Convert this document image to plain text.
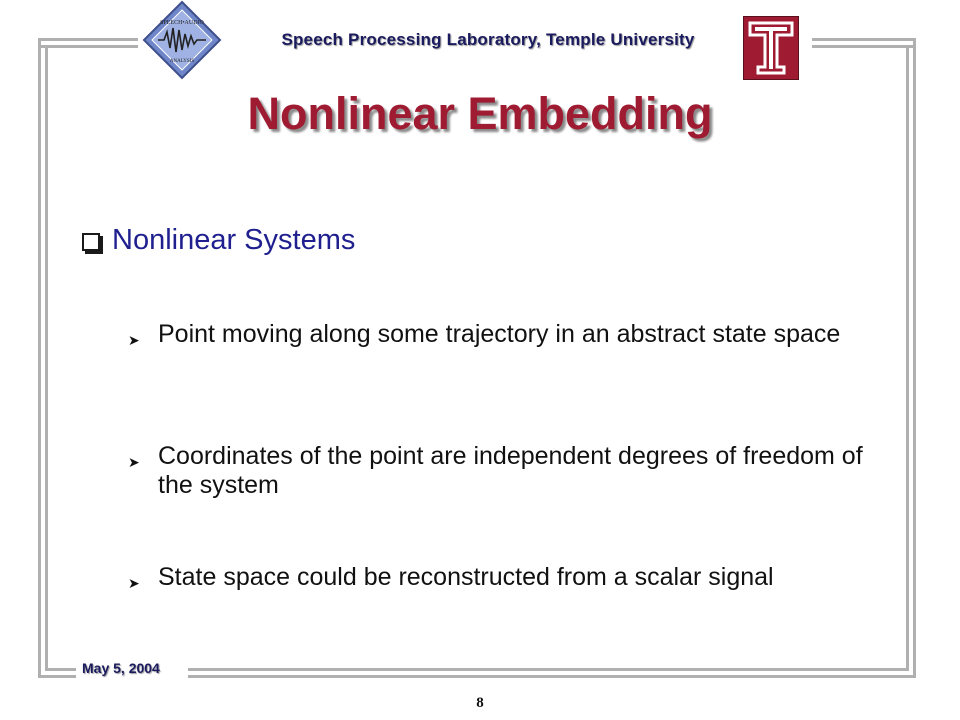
SPEECH•AUDIO
ANALYSIS
Speech Processing Laboratory, Temple University
Nonlinear Embedding
Nonlinear Systems
➤ Point moving along some trajectory in an abstract state space
➤ Coordinates of the point are independent degrees of freedom of the system
➤ State space could be reconstructed from a scalar signal
May 5, 2004
8
